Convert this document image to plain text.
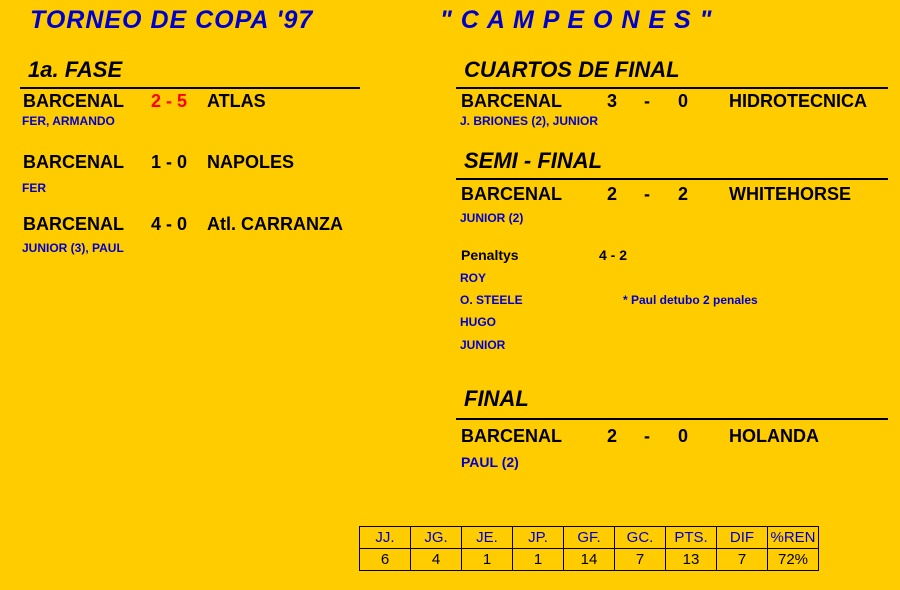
TORNEO DE COPA '97	" C A M P E O N E S "
1a. FASE
BARCENAL 2 - 5 ATLAS
FER, ARMANDO
BARCENAL 1 - 0 NAPOLES
FER
BARCENAL 4 - 0 Atl. CARRANZA
JUNIOR (3), PAUL
CUARTOS DE FINAL
BARCENAL	3 - 0 HIDROTECNICA
J. BRIONES (2), JUNIOR
SEMI - FINAL
BARCENAL	2 - 2 WHITEHORSE
JUNIOR (2)
Penaltys	4 - 2
ROY
O. STEELE
HUGO
JUNIOR
* Paul detubo 2 penales
FINAL
BARCENAL	2 - 0 HOLANDA
PAUL (2)
JJ.	JG.	JE.	JP.	GF.	GC.	PTS.	DIF	%REN
6	4	1	1	14	7	13	7	72%
